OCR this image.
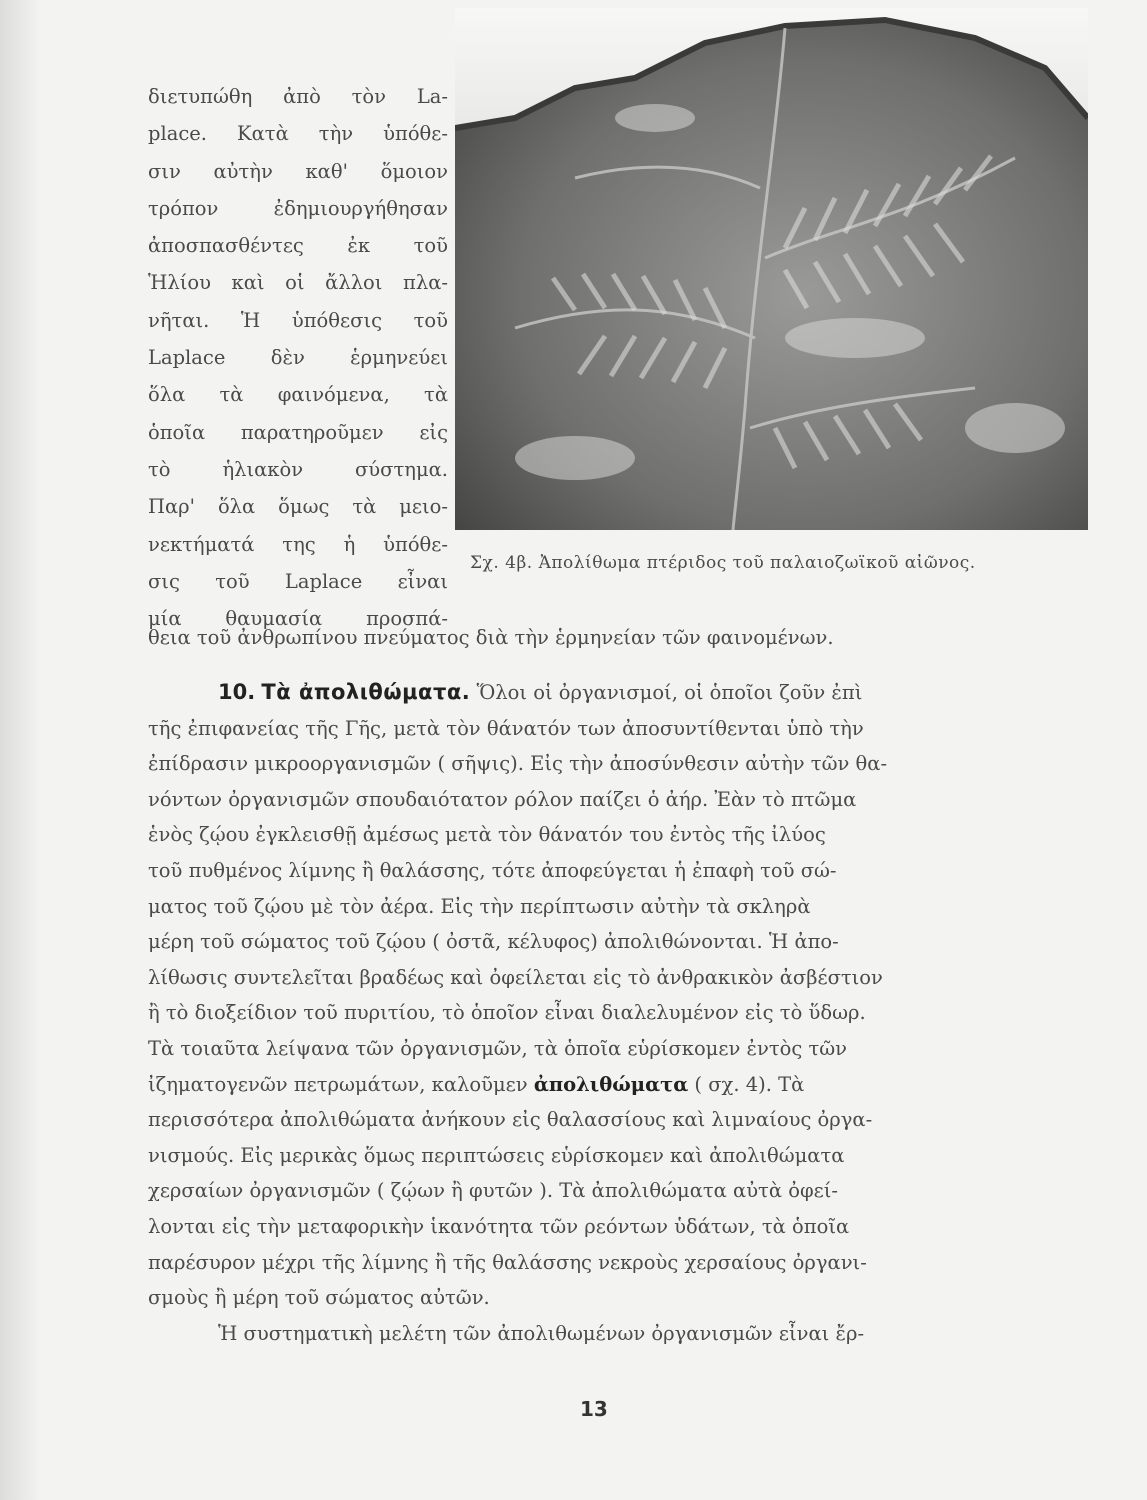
Σχ. 4β. Ἀπολίθωμα πτέριδος τοῦ παλαιοζωϊκοῦ αἰῶνος.
διετυπώθη ἀπὸ τὸν La-
place. Κατὰ τὴν ὑπόθε-
σιν αὐτὴν καθ' ὅμοιον
τρόπον ἐδημιουργήθησαν
ἀποσπασθέντες ἐκ τοῦ
Ἡλίου καὶ οἱ ἄλλοι πλα-
νῆται. Ἡ ὑπόθεσις τοῦ
Laplace δὲν ἑρμηνεύει
ὅλα τὰ φαινόμενα, τὰ
ὁποῖα παρατηροῦμεν εἰς
τὸ ἡλιακὸν σύστημα.
Παρ' ὅλα ὅμως τὰ μειο-
νεκτήματά της ἡ ὑπόθε-
σις τοῦ Laplace εἶναι
μία θαυμασία προσπά-
θεια τοῦ ἀνθρωπίνου πνεύματος διὰ τὴν ἑρμηνείαν τῶν φαινομένων.
10. Τὰ ἀπολιθώματα. Ὅλοι οἱ ὀργανισμοί, οἱ ὁποῖοι ζοῦν ἐπὶ
τῆς ἐπιφανείας τῆς Γῆς, μετὰ τὸν θάνατόν των ἀποσυντίθενται ὑπὸ τὴν
ἐπίδρασιν μικροοργανισμῶν ( σῆψις). Εἰς τὴν ἀποσύνθεσιν αὐτὴν τῶν θα-
νόντων ὀργανισμῶν σπουδαιότατον ρόλον παίζει ὁ ἀήρ. Ἐὰν τὸ πτῶμα
ἑνὸς ζῴου ἐγκλεισθῇ ἀμέσως μετὰ τὸν θάνατόν του ἐντὸς τῆς ἰλύος
τοῦ πυθμένος λίμνης ἢ θαλάσσης, τότε ἀποφεύγεται ἡ ἐπαφὴ τοῦ σώ-
ματος τοῦ ζῴου μὲ τὸν ἀέρα. Εἰς τὴν περίπτωσιν αὐτὴν τὰ σκληρὰ
μέρη τοῦ σώματος τοῦ ζῴου ( ὀστᾶ, κέλυφος) ἀπολιθώνονται. Ἡ ἀπο-
λίθωσις συντελεῖται βραδέως καὶ ὀφείλεται εἰς τὸ ἀνθρακικὸν ἀσβέστιον
ἢ τὸ διοξείδιον τοῦ πυριτίου, τὸ ὁποῖον εἶναι διαλελυμένον εἰς τὸ ὕδωρ.
Τὰ τοιαῦτα λείψανα τῶν ὀργανισμῶν, τὰ ὁποῖα εὑρίσκομεν ἐντὸς τῶν
ἰζηματογενῶν πετρωμάτων, καλοῦμεν ἀπολιθώματα ( σχ. 4). Τὰ
περισσότερα ἀπολιθώματα ἀνήκουν εἰς θαλασσίους καὶ λιμναίους ὀργα-
νισμούς. Εἰς μερικὰς ὅμως περιπτώσεις εὑρίσκομεν καὶ ἀπολιθώματα
χερσαίων ὀργανισμῶν ( ζῴων ἢ φυτῶν ). Τὰ ἀπολιθώματα αὐτὰ ὀφεί-
λονται εἰς τὴν μεταφορικὴν ἱκανότητα τῶν ρεόντων ὑδάτων, τὰ ὁποῖα
παρέσυρον μέχρι τῆς λίμνης ἢ τῆς θαλάσσης νεκροὺς χερσαίους ὀργανι-
σμοὺς ἢ μέρη τοῦ σώματος αὐτῶν.
Ἡ συστηματικὴ μελέτη τῶν ἀπολιθωμένων ὀργανισμῶν εἶναι ἔρ-
13
